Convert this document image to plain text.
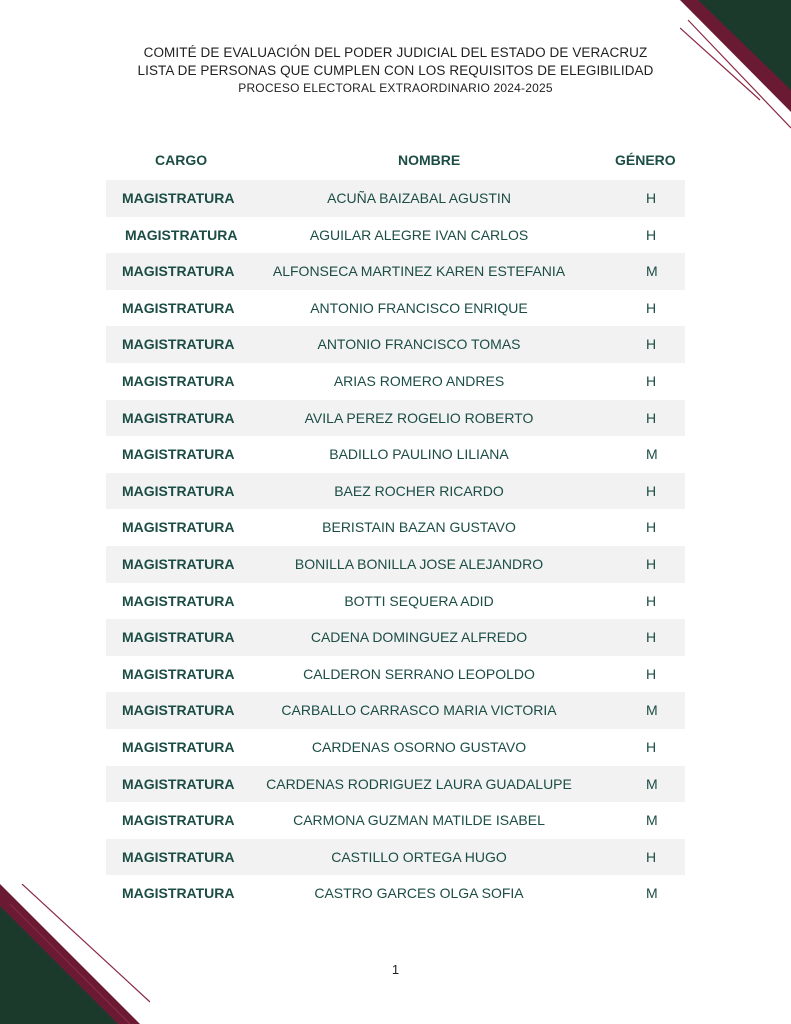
COMITÉ DE EVALUACIÓN DEL PODER JUDICIAL DEL ESTADO DE VERACRUZ
LISTA DE PERSONAS QUE CUMPLEN CON LOS REQUISITOS DE ELEGIBILIDAD
PROCESO ELECTORAL EXTRAORDINARIO 2024-2025
CARGO	NOMBRE	GÉNERO
MAGISTRATURA	ACUÑA BAIZABAL AGUSTIN	H
MAGISTRATURA	AGUILAR ALEGRE IVAN CARLOS	H
MAGISTRATURA	ALFONSECA MARTINEZ KAREN ESTEFANIA	M
MAGISTRATURA	ANTONIO FRANCISCO ENRIQUE	H
MAGISTRATURA	ANTONIO FRANCISCO TOMAS	H
MAGISTRATURA	ARIAS ROMERO ANDRES	H
MAGISTRATURA	AVILA PEREZ ROGELIO ROBERTO	H
MAGISTRATURA	BADILLO PAULINO LILIANA	M
MAGISTRATURA	BAEZ ROCHER RICARDO	H
MAGISTRATURA	BERISTAIN BAZAN GUSTAVO	H
MAGISTRATURA	BONILLA BONILLA JOSE ALEJANDRO	H
MAGISTRATURA	BOTTI SEQUERA ADID	H
MAGISTRATURA	CADENA DOMINGUEZ ALFREDO	H
MAGISTRATURA	CALDERON SERRANO LEOPOLDO	H
MAGISTRATURA	CARBALLO CARRASCO MARIA VICTORIA	M
MAGISTRATURA	CARDENAS OSORNO GUSTAVO	H
MAGISTRATURA	CARDENAS RODRIGUEZ LAURA GUADALUPE	M
MAGISTRATURA	CARMONA GUZMAN MATILDE ISABEL	M
MAGISTRATURA	CASTILLO ORTEGA HUGO	H
MAGISTRATURA	CASTRO GARCES OLGA SOFIA	M
1
